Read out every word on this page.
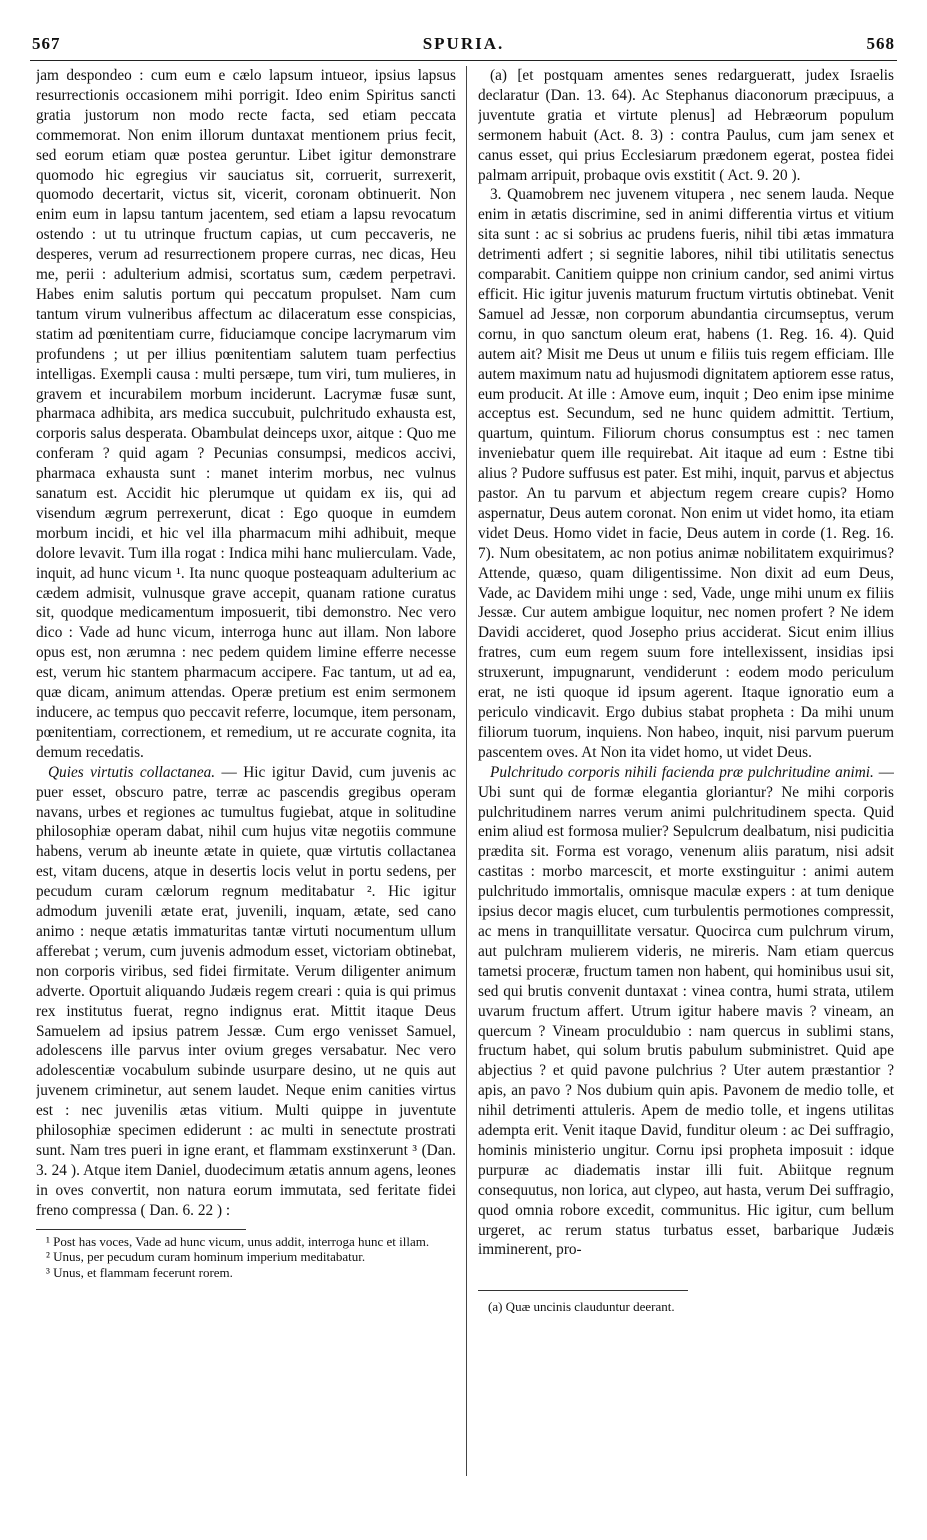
567	SPURIA.	568

jam despondeo : cum eum e cælo lapsum intueor, ipsius lapsus resurrectionis occasionem mihi porrigit. Ideo enim Spiritus sancti gratia justorum non modo recte facta, sed etiam peccata commemorat. Non enim illorum duntaxat mentionem prius fecit, sed eorum etiam quæ postea geruntur. Libet igitur demonstrare quomodo hic egregius vir sauciatus sit, corruerit, surrexerit, quomodo decertarit, victus sit, vicerit, coronam obtinuerit. Non enim eum in lapsu tantum jacentem, sed etiam a lapsu revocatum ostendo : ut tu utrinque fructum capias, ut cum peccaveris, ne desperes, verum ad resurrectionem propere curras, nec dicas, Heu me, perii : adulterium admisi, scortatus sum, cædem perpetravi. Habes enim salutis portum qui peccatum propulset. Nam cum tantum virum vulneribus affectum ac dilaceratum esse conspicias, statim ad pœnitentiam curre, fiduciamque concipe lacrymarum vim profundens ; ut per illius pœnitentiam salutem tuam perfectius intelligas. Exempli causa : multi persæpe, tum viri, tum mulieres, in gravem et incurabilem morbum inciderunt. Lacrymæ fusæ sunt, pharmaca adhibita, ars medica succubuit, pulchritudo exhausta est, corporis salus desperata. Obambulat deinceps uxor, aitque : Quo me conferam ? quid agam ? Pecunias consumpsi, medicos accivi, pharmaca exhausta sunt : manet interim morbus, nec vulnus sanatum est. Accidit hic plerumque ut quidam ex iis, qui ad visendum ægrum perrexerunt, dicat : Ego quoque in eumdem morbum incidi, et hic vel illa pharmacum mihi adhibuit, meque dolore levavit. Tum illa rogat : Indica mihi hanc mulierculam. Vade, inquit, ad hunc vicum ¹. Ita nunc quoque posteaquam adulterium ac cædem admisit, vulnusque grave accepit, quanam ratione curatus sit, quodque medicamentum imposuerit, tibi demonstro. Nec vero dico : Vade ad hunc vicum, interroga hunc aut illam. Non labore opus est, non ærumna : nec pedem quidem limine efferre necesse est, verum hic stantem pharmacum accipere. Fac tantum, ut ad ea, quæ dicam, animum attendas. Operæ pretium est enim sermonem inducere, ac tempus quo peccavit referre, locumque, item personam, pœnitentiam, correctionem, et remedium, ut re accurate cognita, ita demum recedatis.

Quies virtutis collactanea. — Hic igitur David, cum juvenis ac puer esset, obscuro patre, terræ ac pascendis gregibus operam navans, urbes et regiones ac tumultus fugiebat, atque in solitudine philosophiæ operam dabat, nihil cum hujus vitæ negotiis commune habens, verum ab ineunte ætate in quiete, quæ virtutis collactanea est, vitam ducens, atque in desertis locis velut in portu sedens, per pecudum curam cælorum regnum meditabatur ². Hic igitur admodum juvenili ætate erat, juvenili, inquam, ætate, sed cano animo : neque ætatis immaturitas tantæ virtuti nocumentum ullum afferebat ; verum, cum juvenis admodum esset, victoriam obtinebat, non corporis viribus, sed fidei firmitate. Verum diligenter animum adverte. Oportuit aliquando Judæis regem creari : quia is qui primus rex institutus fuerat, regno indignus erat. Mittit itaque Deus Samuelem ad ipsius patrem Jessæ. Cum ergo venisset Samuel, adolescens ille parvus inter ovium greges versabatur. Nec vero adolescentiæ vocabulum subinde usurpare desino, ut ne quis aut juvenem criminetur, aut senem laudet. Neque enim canities virtus est : nec juvenilis ætas vitium. Multi quippe in juventute philosophiæ specimen ediderunt : ac multi in senectute prostrati sunt. Nam tres pueri in igne erant, et flammam exstinxerunt ³ (Dan. 3. 24 ). Atque item Daniel, duodecimum ætatis annum agens, leones in oves convertit, non natura eorum immutata, sed feritate fidei freno compressa ( Dan. 6. 22 ) :

¹ Post has voces, Vade ad hunc vicum, unus addit, interroga hunc et illam.

² Unus, per pecudum curam hominum imperium meditabatur.

³ Unus, et flammam fecerunt rorem.

(a) [et postquam amentes senes redargueratt, judex Israelis declaratur (Dan. 13. 64). Ac Stephanus diaconorum præcipuus, a juventute gratia et virtute plenus] ad Hebræorum populum sermonem habuit (Act. 8. 3) : contra Paulus, cum jam senex et canus esset, qui prius Ecclesiarum prædonem egerat, postea fidei palmam arripuit, probaque ovis exstitit ( Act. 9. 20 ).

3. Quamobrem nec juvenem vitupera , nec senem lauda. Neque enim in ætatis discrimine, sed in animi differentia virtus et vitium sita sunt : ac si sobrius ac prudens fueris, nihil tibi ætas immatura detrimenti adfert ; si segnitie labores, nihil tibi utilitatis senectus comparabit. Canitiem quippe non crinium candor, sed animi virtus efficit. Hic igitur juvenis maturum fructum virtutis obtinebat. Venit Samuel ad Jessæ, non corporum abundantia circumseptus, verum cornu, in quo sanctum oleum erat, habens (1. Reg. 16. 4). Quid autem ait? Misit me Deus ut unum e filiis tuis regem efficiam. Ille autem maximum natu ad hujusmodi dignitatem aptiorem esse ratus, eum producit. At ille : Amove eum, inquit ; Deo enim ipse minime acceptus est. Secundum, sed ne hunc quidem admittit. Tertium, quartum, quintum. Filiorum chorus consumptus est : nec tamen inveniebatur quem ille requirebat. Ait itaque ad eum : Estne tibi alius ? Pudore suffusus est pater. Est mihi, inquit, parvus et abjectus pastor. An tu parvum et abjectum regem creare cupis? Homo aspernatur, Deus autem coronat. Non enim ut videt homo, ita etiam videt Deus. Homo videt in facie, Deus autem in corde (1. Reg. 16. 7). Num obesitatem, ac non potius animæ nobilitatem exquirimus? Attende, quæso, quam diligentissime. Non dixit ad eum Deus, Vade, ac Davidem mihi unge : sed, Vade, unge mihi unum ex filiis Jessæ. Cur autem ambigue loquitur, nec nomen profert ? Ne idem Davidi accideret, quod Josepho prius acciderat. Sicut enim illius fratres, cum eum regem suum fore intellexissent, insidias ipsi struxerunt, impugnarunt, vendiderunt : eodem modo periculum erat, ne isti quoque id ipsum agerent. Itaque ignoratio eum a periculo vindicavit. Ergo dubius stabat propheta : Da mihi unum filiorum tuorum, inquiens. Non habeo, inquit, nisi parvum puerum pascentem oves. At Non ita videt homo, ut videt Deus.

Pulchritudo corporis nihili facienda præ pulchritudine animi. — Ubi sunt qui de formæ elegantia gloriantur? Ne mihi corporis pulchritudinem narres verum animi pulchritudinem specta. Quid enim aliud est formosa mulier? Sepulcrum dealbatum, nisi pudicitia prædita sit. Forma est vorago, venenum aliis paratum, nisi adsit castitas : morbo marcescit, et morte exstinguitur : animi autem pulchritudo immortalis, omnisque maculæ expers : at tum denique ipsius decor magis elucet, cum turbulentis permotiones compressit, ac mens in tranquillitate versatur. Quocirca cum pulchrum virum, aut pulchram mulierem videris, ne mireris. Nam etiam quercus tametsi proceræ, fructum tamen non habent, qui hominibus usui sit, sed qui brutis convenit duntaxat : vinea contra, humi strata, utilem uvarum fructum affert. Utrum igitur habere mavis ? vineam, an quercum ? Vineam proculdubio : nam quercus in sublimi stans, fructum habet, qui solum brutis pabulum subministret. Quid ape abjectius ? et quid pavone pulchrius ? Uter autem præstantior ? apis, an pavo ? Nos dubium quin apis. Pavonem de medio tolle, et nihil detrimenti attuleris. Apem de medio tolle, et ingens utilitas adempta erit. Venit itaque David, funditur oleum : ac Dei suffragio, hominis ministerio ungitur. Cornu ipsi propheta imposuit : idque purpuræ ac diadematis instar illi fuit. Abiitque regnum consequutus, non lorica, aut clypeo, aut hasta, verum Dei suffragio, quod omnia robore excedit, communitus. Hic igitur, cum bellum urgeret, ac rerum status turbatus esset, barbarique Judæis imminerent, pro-

(a) Quæ uncinis clauduntur deerant.
